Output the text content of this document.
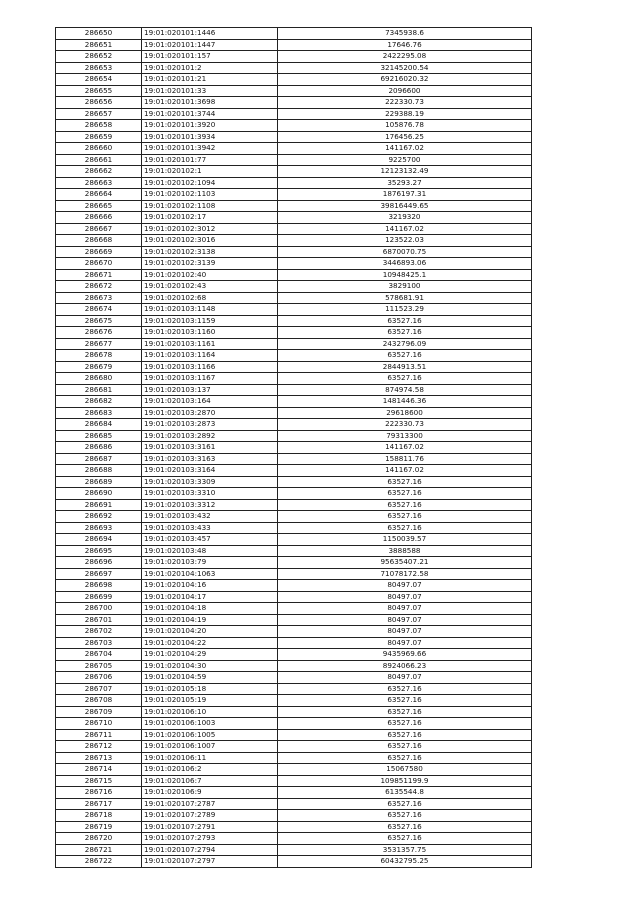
286650	19:01:020101:1446	7345938.6
286651	19:01:020101:1447	17646.76
286652	19:01:020101:157	2422295.08
286653	19:01:020101:2	32145200.54
286654	19:01:020101:21	69216020.32
286655	19:01:020101:33	2096600
286656	19:01:020101:3698	222330.73
286657	19:01:020101:3744	229388.19
286658	19:01:020101:3920	105876.78
286659	19:01:020101:3934	176456.25
286660	19:01:020101:3942	141167.02
286661	19:01:020101:77	9225700
286662	19:01:020102:1	12123132.49
286663	19:01:020102:1094	35293.27
286664	19:01:020102:1103	1876197.31
286665	19:01:020102:1108	39816449.65
286666	19:01:020102:17	3219320
286667	19:01:020102:3012	141167.02
286668	19:01:020102:3016	123522.03
286669	19:01:020102:3138	6870070.75
286670	19:01:020102:3139	3446893.06
286671	19:01:020102:40	10948425.1
286672	19:01:020102:43	3829100
286673	19:01:020102:68	578681.91
286674	19:01:020103:1148	111523.29
286675	19:01:020103:1159	63527.16
286676	19:01:020103:1160	63527.16
286677	19:01:020103:1161	2432796.09
286678	19:01:020103:1164	63527.16
286679	19:01:020103:1166	2844913.51
286680	19:01:020103:1167	63527.16
286681	19:01:020103:137	874974.58
286682	19:01:020103:164	1481446.36
286683	19:01:020103:2870	29618600
286684	19:01:020103:2873	222330.73
286685	19:01:020103:2892	79313300
286686	19:01:020103:3161	141167.02
286687	19:01:020103:3163	158811.76
286688	19:01:020103:3164	141167.02
286689	19:01:020103:3309	63527.16
286690	19:01:020103:3310	63527.16
286691	19:01:020103:3312	63527.16
286692	19:01:020103:432	63527.16
286693	19:01:020103:433	63527.16
286694	19:01:020103:457	1150039.57
286695	19:01:020103:48	3888588
286696	19:01:020103:79	95635407.21
286697	19:01:020104:1063	71078172.58
286698	19:01:020104:16	80497.07
286699	19:01:020104:17	80497.07
286700	19:01:020104:18	80497.07
286701	19:01:020104:19	80497.07
286702	19:01:020104:20	80497.07
286703	19:01:020104:22	80497.07
286704	19:01:020104:29	9435969.66
286705	19:01:020104:30	8924066.23
286706	19:01:020104:59	80497.07
286707	19:01:020105:18	63527.16
286708	19:01:020105:19	63527.16
286709	19:01:020106:10	63527.16
286710	19:01:020106:1003	63527.16
286711	19:01:020106:1005	63527.16
286712	19:01:020106:1007	63527.16
286713	19:01:020106:11	63527.16
286714	19:01:020106:2	15067580
286715	19:01:020106:7	109851199.9
286716	19:01:020106:9	6135544.8
286717	19:01:020107:2787	63527.16
286718	19:01:020107:2789	63527.16
286719	19:01:020107:2791	63527.16
286720	19:01:020107:2793	63527.16
286721	19:01:020107:2794	3531357.75
286722	19:01:020107:2797	60432795.25
